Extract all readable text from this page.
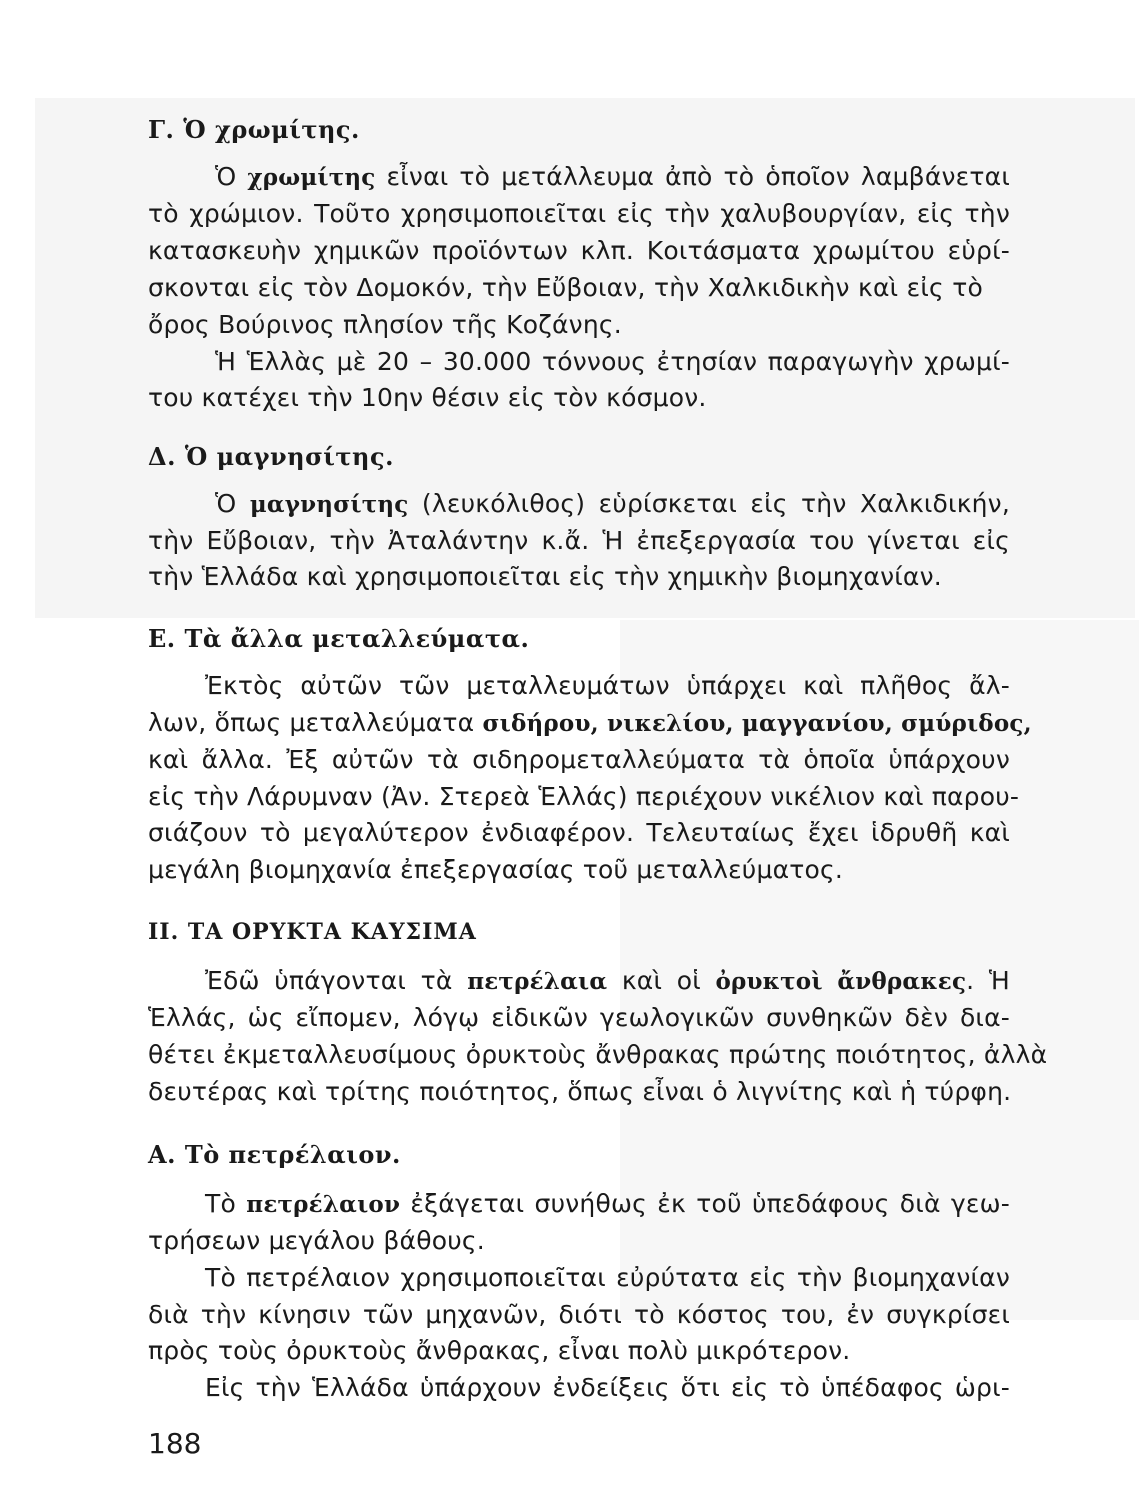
Γ. Ὁ χρωμίτης.
Ὁ χρωμίτης εἶναι τὸ μετάλλευμα ἀπὸ τὸ ὁποῖον λαμβάνεται
τὸ χρώμιον. Τοῦτο χρησιμοποιεῖται εἰς τὴν χαλυβουργίαν, εἰς τὴν
κατασκευὴν χημικῶν προϊόντων κλπ. Κοιτάσματα χρωμίτου εὑρί-
σκονται εἰς τὸν Δομοκόν, τὴν Εὔβοιαν, τὴν Χαλκιδικὴν καὶ εἰς τὸ
ὄρος Βούρινος πλησίον τῆς Κοζάνης.
Ἡ Ἑλλὰς μὲ 20 – 30.000 τόννους ἐτησίαν παραγωγὴν χρωμί-
του κατέχει τὴν 10ην θέσιν εἰς τὸν κόσμον.
Δ. Ὁ μαγνησίτης.
Ὁ μαγνησίτης (λευκόλιθος) εὑρίσκεται εἰς τὴν Χαλκιδικήν,
τὴν Εὔβοιαν, τὴν Ἀταλάντην κ.ἄ. Ἡ ἐπεξεργασία του γίνεται εἰς
τὴν Ἑλλάδα καὶ χρησιμοποιεῖται εἰς τὴν χημικὴν βιομηχανίαν.
Ε. Τὰ ἄλλα μεταλλεύματα.
Ἐκτὸς αὐτῶν τῶν μεταλλευμάτων ὑπάρχει καὶ πλῆθος ἄλ-
λων, ὅπως μεταλλεύματα σιδήρου, νικελίου, μαγγανίου, σμύριδος,
καὶ ἄλλα. Ἐξ αὐτῶν τὰ σιδηρομεταλλεύματα τὰ ὁποῖα ὑπάρχουν
εἰς τὴν Λάρυμναν (Ἀν. Στερεὰ Ἑλλάς) περιέχουν νικέλιον καὶ παρου-
σιάζουν τὸ μεγαλύτερον ἐνδιαφέρον. Τελευταίως ἔχει ἱδρυθῆ καὶ
μεγάλη βιομηχανία ἐπεξεργασίας τοῦ μεταλλεύματος.
ΙΙ. ΤΑ ΟΡΥΚΤΑ ΚΑΥΣΙΜΑ
Ἐδῶ ὑπάγονται τὰ πετρέλαια καὶ οἱ ὀρυκτοὶ ἄνθρακες. Ἡ
Ἑλλάς, ὡς εἴπομεν, λόγῳ εἰδικῶν γεωλογικῶν συνθηκῶν δὲν δια-
θέτει ἐκμεταλλευσίμους ὀρυκτοὺς ἄνθρακας πρώτης ποιότητος, ἀλλὰ
δευτέρας καὶ τρίτης ποιότητος, ὅπως εἶναι ὁ λιγνίτης καὶ ἡ τύρφη.
Α. Τὸ πετρέλαιον.
Τὸ πετρέλαιον ἐξάγεται συνήθως ἐκ τοῦ ὑπεδάφους διὰ γεω-
τρήσεων μεγάλου βάθους.
Τὸ πετρέλαιον χρησιμοποιεῖται εὐρύτατα εἰς τὴν βιομηχανίαν
διὰ τὴν κίνησιν τῶν μηχανῶν, διότι τὸ κόστος του, ἐν συγκρίσει
πρὸς τοὺς ὀρυκτοὺς ἄνθρακας, εἶναι πολὺ μικρότερον.
Εἰς τὴν Ἑλλάδα ὑπάρχουν ἐνδείξεις ὅτι εἰς τὸ ὑπέδαφος ὡρι-
188
